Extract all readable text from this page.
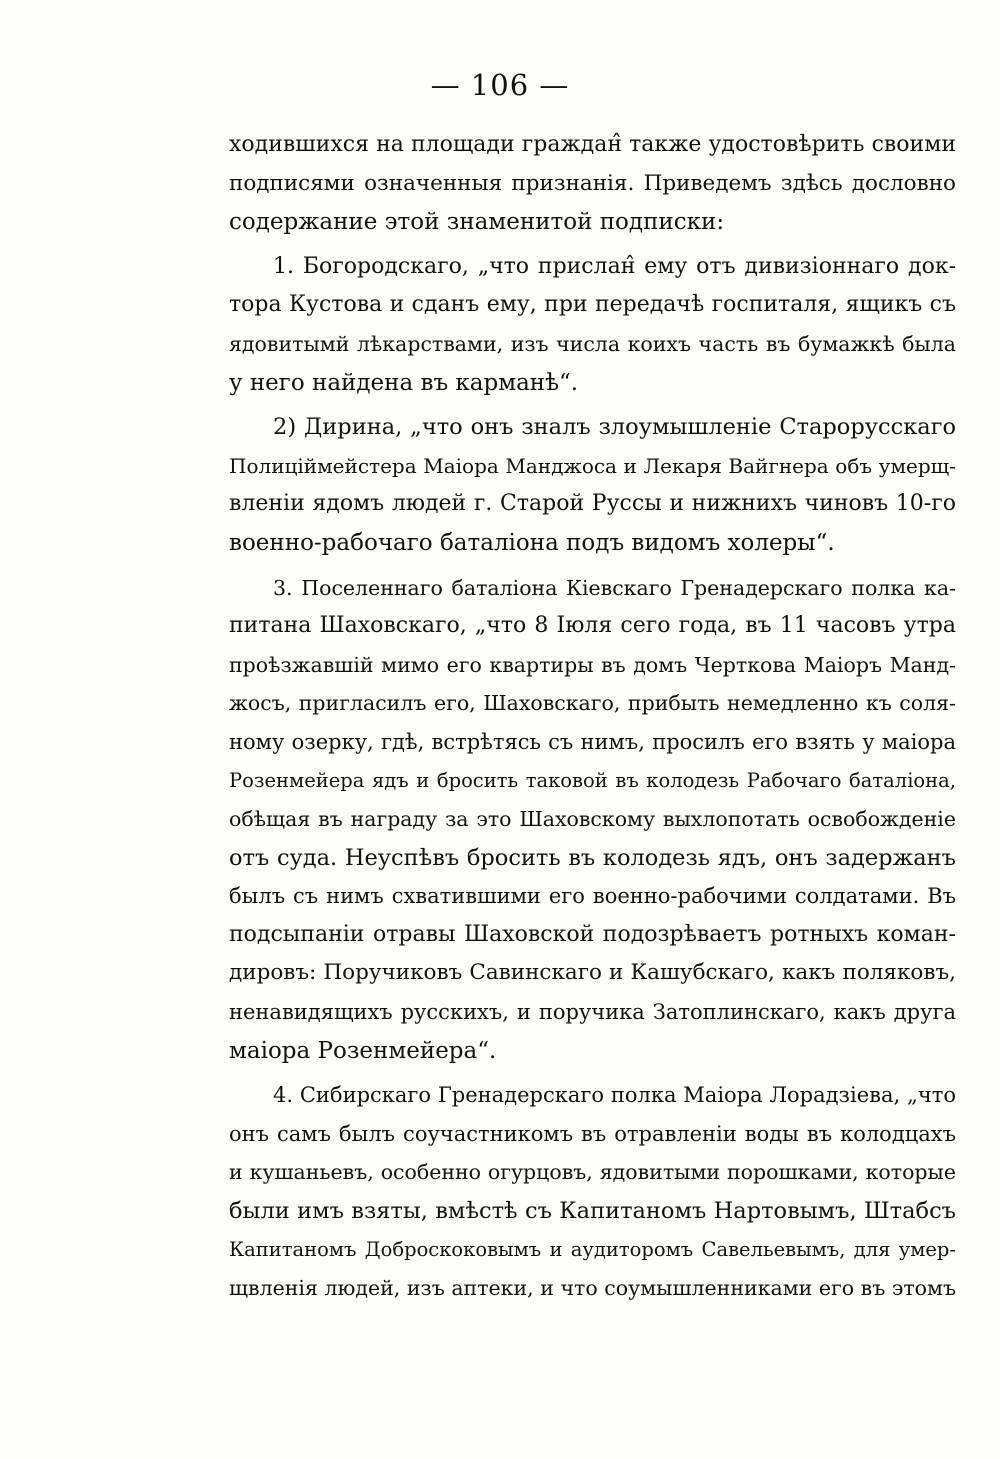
— 106 —

ходившихся на площади граждан̂ также удостовѣрить своими
подписями означенныя признанія. Приведемъ здѣсь дословно
содержание этой знаменитой подписки:

1. Богородскаго, „что прислан̂ ему отъ дивизіоннаго док-
тора Кустова и сданъ ему, при передачѣ госпиталя, ящикъ съ
ядовитымй лѣкарствами, изъ числа коихъ часть въ бумажкѣ была
у него найдена въ карманѣ“.

2) Дирина, „что онъ зналъ злоумышленіе Старорусскаго
Полиціймейстера Маіора Манджоса и Лекаря Вайгнера объ умерщ-
вленіи ядомъ людей г. Старой Руссы и нижнихъ чиновъ 10-го
военно-рабочаго баталіона подъ видомъ холеры“.

3. Поселеннаго баталіона Кіевскаго Гренадерскаго полка ка-
питана Шаховскаго, „что 8 Іюля сего года, въ 11 часовъ утра
проѣзжавшій мимо его квартиры въ домъ Черткова Маіоръ Манд-
жосъ, пригласилъ его, Шаховскаго, прибыть немедленно къ соля-
ному озерку, гдѣ, встрѣтясь съ нимъ, просилъ его взять у маіора
Розенмейера ядъ и бросить таковой въ колодезь Рабочаго баталіона,
обѣщая въ награду за это Шаховскому выхлопотать освобожденіе
отъ суда. Неуспѣвъ бросить въ колодезь ядъ, онъ задержанъ
былъ съ нимъ схватившими его военно-рабочими солдатами. Въ
подсыпаніи отравы Шаховской подозрѣваетъ ротныхъ коман-
дировъ: Поручиковъ Савинскаго и Кашубскаго, какъ поляковъ,
ненавидящихъ русскихъ, и поручика Затоплинскаго, какъ друга
маіора Розенмейера“.

4. Сибирскаго Гренадерскаго полка Маіора Лорадзіева, „что
онъ самъ былъ соучастникомъ въ отравленіи воды въ колодцахъ
и кушаньевъ, особенно огурцовъ, ядовитыми порошками, которые
были имъ взяты, вмѣстѣ съ Капитаномъ Нартовымъ, Штабсъ
Капитаномъ Доброскоковымъ и аудиторомъ Савельевымъ, для умер-
щвленія людей, изъ аптеки, и что соумышленниками его въ этомъ
